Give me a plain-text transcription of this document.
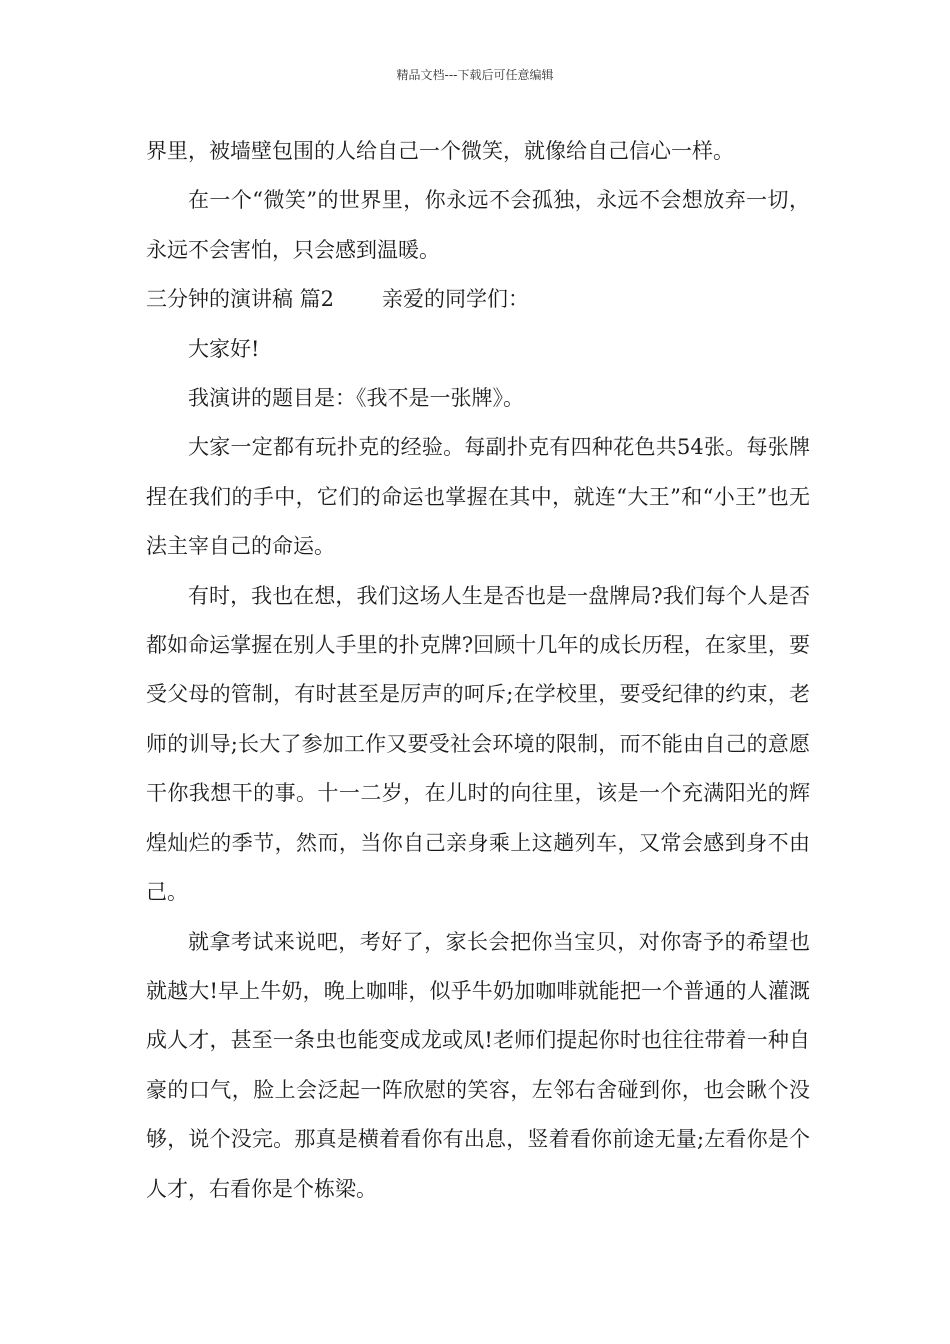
精品文档---下载后可任意编辑

界里，被墙壁包围的人给自己一个微笑，就像给自己信心一样。

在一个“微笑”的世界里，你永远不会孤独，永远不会想放弃一切，永远不会害怕，只会感到温暖。

三分钟的演讲稿 篇2 亲爱的同学们：

大家好!

我演讲的题目是：《我不是一张牌》。

大家一定都有玩扑克的经验。每副扑克有四种花色共54张。每张牌捏在我们的手中，它们的命运也掌握在其中，就连“大王”和“小王”也无法主宰自己的命运。

有时，我也在想，我们这场人生是否也是一盘牌局?我们每个人是否都如命运掌握在别人手里的扑克牌?回顾十几年的成长历程，在家里，要受父母的管制，有时甚至是厉声的呵斥;在学校里，要受纪律的约束，老师的训导;长大了参加工作又要受社会环境的限制，而不能由自己的意愿干你我想干的事。十一二岁，在儿时的向往里，该是一个充满阳光的辉煌灿烂的季节，然而，当你自己亲身乘上这趟列车，又常会感到身不由己。

就拿考试来说吧，考好了，家长会把你当宝贝，对你寄予的希望也就越大!早上牛奶，晚上咖啡，似乎牛奶加咖啡就能把一个普通的人灌溉成人才，甚至一条虫也能变成龙或凤!老师们提起你时也往往带着一种自豪的口气，脸上会泛起一阵欣慰的笑容，左邻右舍碰到你，也会瞅个没够，说个没完。那真是横着看你有出息，竖着看你前途无量;左看你是个人才，右看你是个栋梁。
